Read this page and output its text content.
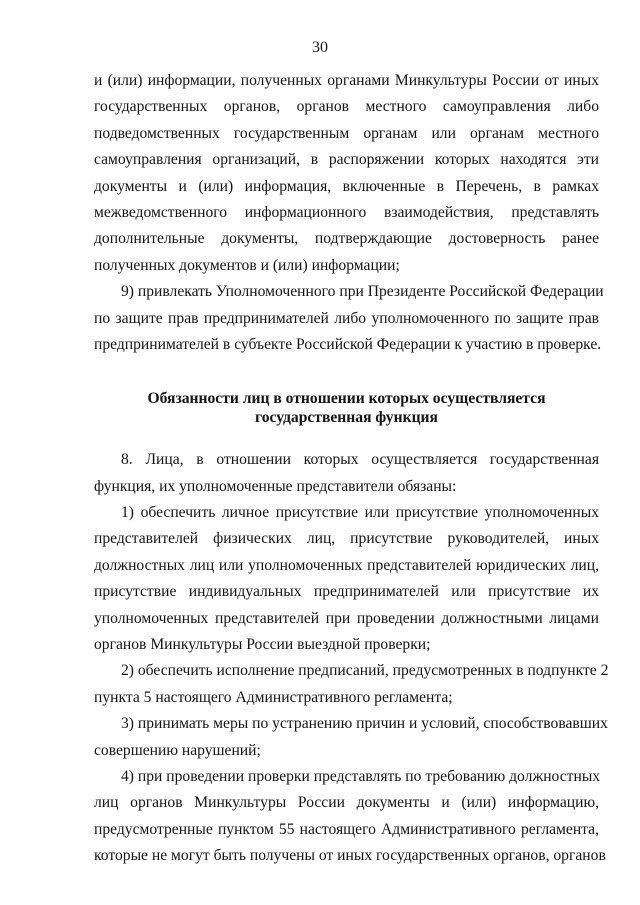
30
и (или) информации, полученных органами Минкультуры России от иных
государственных органов, органов местного самоуправления либо
подведомственных государственным органам или органам местного
самоуправления организаций, в распоряжении которых находятся эти
документы и (или) информация, включенные в Перечень, в рамках
межведомственного информационного взаимодействия, представлять
дополнительные документы, подтверждающие достоверность ранее
полученных документов и (или) информации;
9) привлекать Уполномоченного при Президенте Российской Федерации
по защите прав предпринимателей либо уполномоченного по защите прав
предпринимателей в субъекте Российской Федерации к участию в проверке.
Обязанности лиц в отношении которых осуществляется
государственная функция
8. Лица, в отношении которых осуществляется государственная
функция, их уполномоченные представители обязаны:
1) обеспечить личное присутствие или присутствие уполномоченных
представителей физических лиц, присутствие руководителей, иных
должностных лиц или уполномоченных представителей юридических лиц,
присутствие индивидуальных предпринимателей или присутствие их
уполномоченных представителей при проведении должностными лицами
органов Минкультуры России выездной проверки;
2) обеспечить исполнение предписаний, предусмотренных в подпункте 2
пункта 5 настоящего Административного регламента;
3) принимать меры по устранению причин и условий, способствовавших
совершению нарушений;
4) при проведении проверки представлять по требованию должностных
лиц органов Минкультуры России документы и (или) информацию,
предусмотренные пунктом 55 настоящего Административного регламента,
которые не могут быть получены от иных государственных органов, органов
